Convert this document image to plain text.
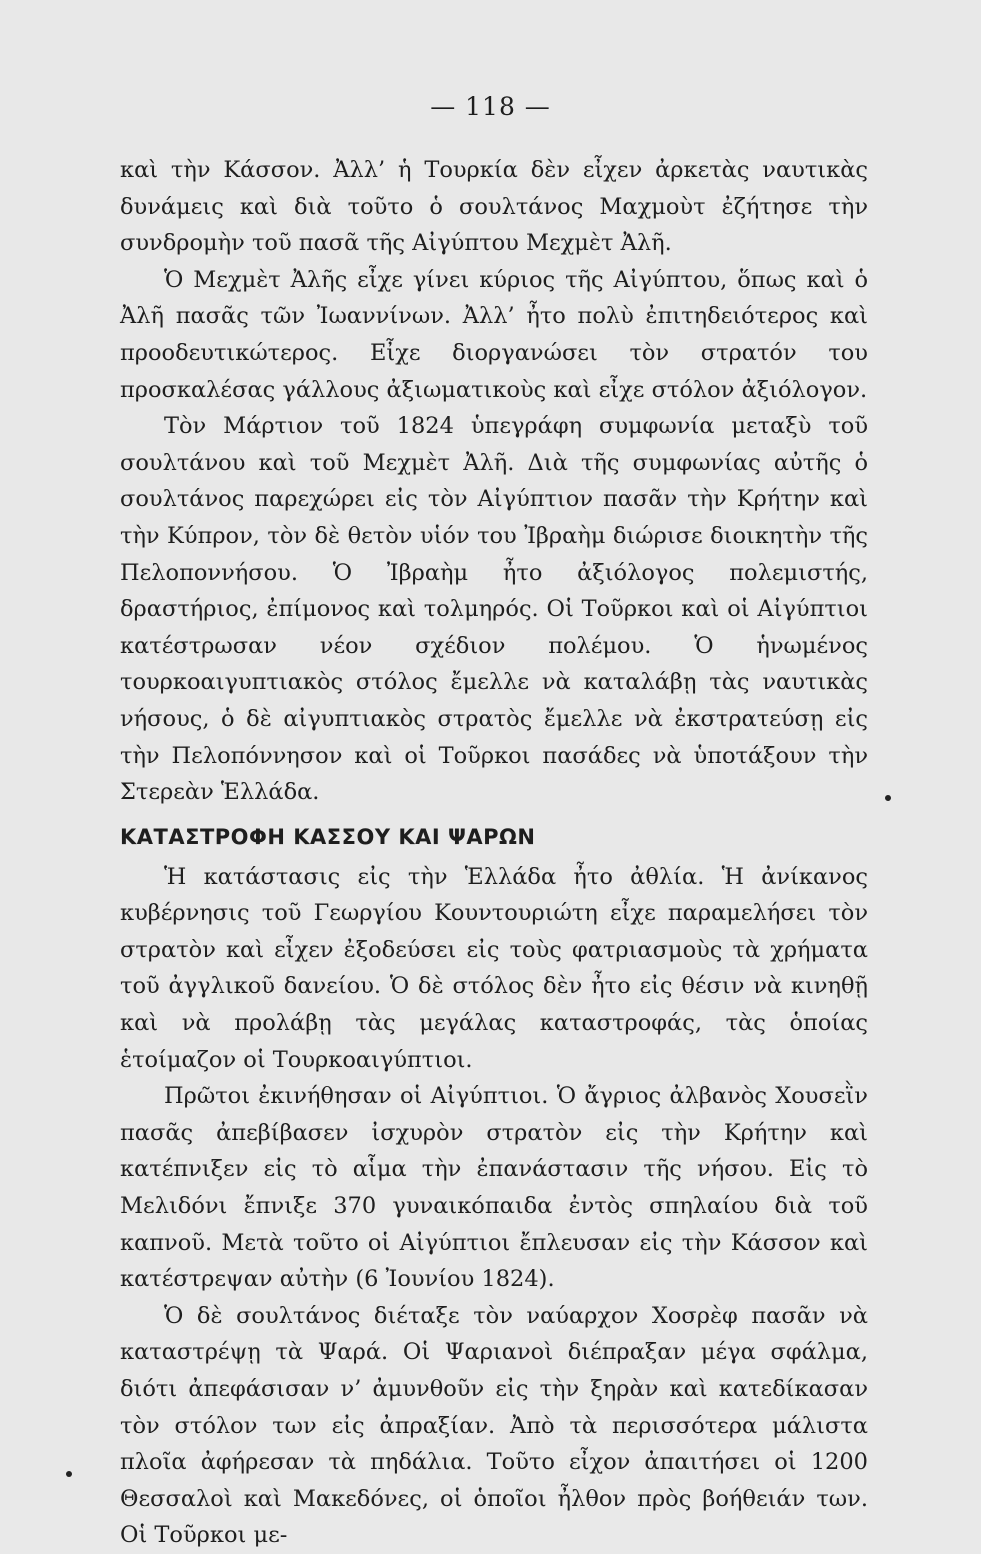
— 118 —

καὶ τὴν Κάσσον. Ἀλλ’ ἡ Τουρκία δὲν εἶχεν ἀρκετὰς ναυτικὰς δυνάμεις καὶ διὰ τοῦτο ὁ σουλτάνος Μαχμοὺτ ἐζήτησε τὴν συνδρομὴν τοῦ πασᾶ τῆς Αἰγύπτου Μεχμὲτ Ἀλῆ.

Ὁ Μεχμὲτ Ἀλῆς εἶχε γίνει κύριος τῆς Αἰγύπτου, ὅπως καὶ ὁ Ἀλῆ πασᾶς τῶν Ἰωαννίνων. Ἀλλ’ ἦτο πολὺ ἐπιτηδειότερος καὶ προοδευτικώτερος. Εἶχε διοργανώσει τὸν στρατόν του προσκαλέσας γάλλους ἀξιωματικοὺς καὶ εἶχε στόλον ἀξιόλογον.

Τὸν Μάρτιον τοῦ 1824 ὑπεγράφη συμφωνία μεταξὺ τοῦ σουλτάνου καὶ τοῦ Μεχμὲτ Ἀλῆ. Διὰ τῆς συμφωνίας αὐτῆς ὁ σουλτάνος παρεχώρει εἰς τὸν Αἰγύπτιον πασᾶν τὴν Κρήτην καὶ τὴν Κύπρον, τὸν δὲ θετὸν υἱόν του Ἰβραὴμ διώρισε διοικητὴν τῆς Πελοποννήσου. Ὁ Ἰβραὴμ ἦτο ἀξιόλογος πολεμιστής, δραστήριος, ἐπίμονος καὶ τολμηρός. Οἱ Τοῦρκοι καὶ οἱ Αἰγύπτιοι κατέστρωσαν νέον σχέδιον πολέμου. Ὁ ἡνωμένος τουρκοαιγυπτιακὸς στόλος ἔμελλε νὰ καταλάβῃ τὰς ναυτικὰς νήσους, ὁ δὲ αἰγυπτιακὸς στρατὸς ἔμελλε νὰ ἐκστρατεύσῃ εἰς τὴν Πελοπόννησον καὶ οἱ Τοῦρκοι πασάδες νὰ ὑποτάξουν τὴν Στερεὰν Ἑλλάδα.

ΚΑΤΑΣΤΡΟΦΗ ΚΑΣΣΟΥ ΚΑΙ ΨΑΡΩΝ

Ἡ κατάστασις εἰς τὴν Ἑλλάδα ἦτο ἀθλία. Ἡ ἀνίκανος κυβέρνησις τοῦ Γεωργίου Κουντουριώτη εἶχε παραμελήσει τὸν στρατὸν καὶ εἶχεν ἐξοδεύσει εἰς τοὺς φατριασμοὺς τὰ χρήματα τοῦ ἀγγλικοῦ δανείου. Ὁ δὲ στόλος δὲν ἦτο εἰς θέσιν νὰ κινηθῇ καὶ νὰ προλάβῃ τὰς μεγάλας καταστροφάς, τὰς ὁποίας ἑτοίμαζον οἱ Τουρκοαιγύπτιοι.

Πρῶτοι ἐκινήθησαν οἱ Αἰγύπτιοι. Ὁ ἄγριος ἀλβανὸς Χουσεῒν πασᾶς ἀπεβίβασεν ἰσχυρὸν στρατὸν εἰς τὴν Κρήτην καὶ κατέπνιξεν εἰς τὸ αἷμα τὴν ἐπανάστασιν τῆς νήσου. Εἰς τὸ Μελιδόνι ἔπνιξε 370 γυναικόπαιδα ἐντὸς σπηλαίου διὰ τοῦ καπνοῦ. Μετὰ τοῦτο οἱ Αἰγύπτιοι ἔπλευσαν εἰς τὴν Κάσσον καὶ κατέστρεψαν αὐτὴν (6 Ἰουνίου 1824).

Ὁ δὲ σουλτάνος διέταξε τὸν ναύαρχον Χοσρὲφ πασᾶν νὰ καταστρέψῃ τὰ Ψαρά. Οἱ Ψαριανοὶ διέπραξαν μέγα σφάλμα, διότι ἀπεφάσισαν ν’ ἀμυνθοῦν εἰς τὴν ξηρὰν καὶ κατεδίκασαν τὸν στόλον των εἰς ἀπραξίαν. Ἀπὸ τὰ περισσότερα μάλιστα πλοῖα ἀφήρεσαν τὰ πηδάλια. Τοῦτο εἶχον ἀπαιτήσει οἱ 1200 Θεσσαλοὶ καὶ Μακεδόνες, οἱ ὁποῖοι ἦλθον πρὸς βοήθειάν των. Οἱ Τοῦρκοι με-
